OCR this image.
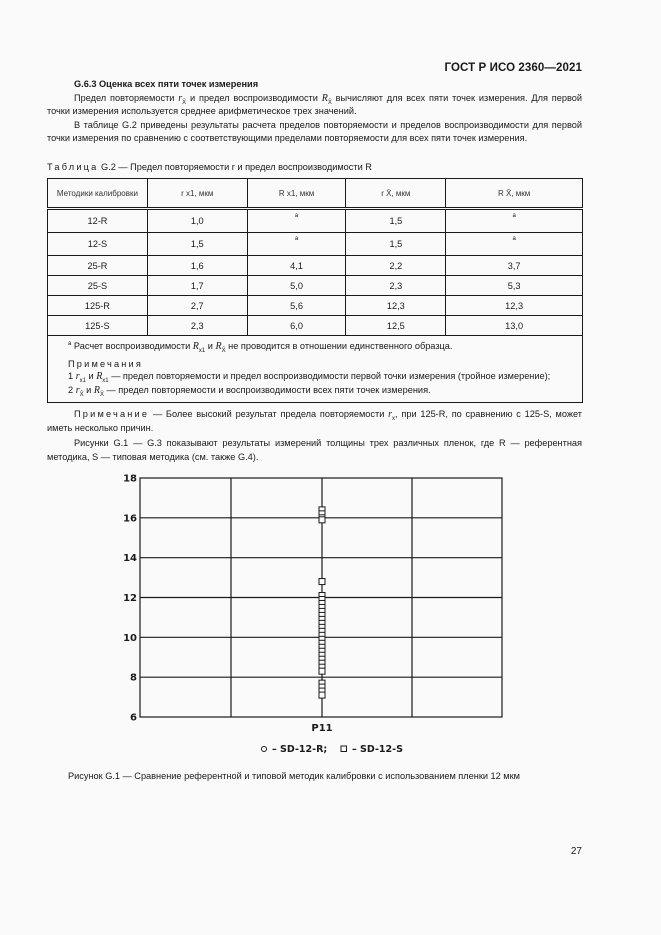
ГОСТ Р ИСО 2360—2021
G.6.3 Оценка всех пяти точек измерения
Предел повторяемости $r_{X̄}$ и предел воспроизводимости $R_{X̄}$ вычисляют для всех пяти точек измерения. Для первой точки измерения используется среднее арифметическое трех значений.
В таблице G.2 приведены результаты расчета пределов повторяемости и пределов воспроизводимости для первой точки измерения по сравнению с соответствующими пределами повторяемости для всех пяти точек измерения.
Таблица G.2 — Предел повторяемости r и предел воспроизводимости R
Методики калибровки	r x1, мкм	R x1, мкм	r X̄, мкм	R X̄, мкм
12-R	1,0	a	1,5	a
12-S	1,5	a	1,5	a
25-R	1,6	4,1	2,2	3,7
25-S	1,7	5,0	2,3	5,3
125-R	2,7	5,6	12,3	12,3
125-S	2,3	6,0	12,5	13,0

$^a$ Расчет воспроизводимости $R_{x1}$ и $R_{X̄}$ не проводится в отношении единственного образца.
Примечания
1 $r_{x1}$ и $R_{x1}$ — предел повторяемости и предел воспроизводимости первой точки измерения (тройное измерение);
2 $r_{X̄}$ и $R_{X̄}$ — предел повторяемости и воспроизводимости всех пяти точек измерения.				
Примечание — Более высокий результат предела повторяемости $r_x$, при 125-R, по сравнению с 125-S, может иметь несколько причин.
Рисунки G.1 — G.3 показывают результаты измерений толщины трех различных пленок, где R — референтная методика, S — типовая методика (см. также G.4).
6
8
10
12
14
16
18
P11
– SD-12-R;	– SD-12-S
Рисунок G.1 — Сравнение референтной и типовой методик калибровки с использованием пленки 12 мкм
27
